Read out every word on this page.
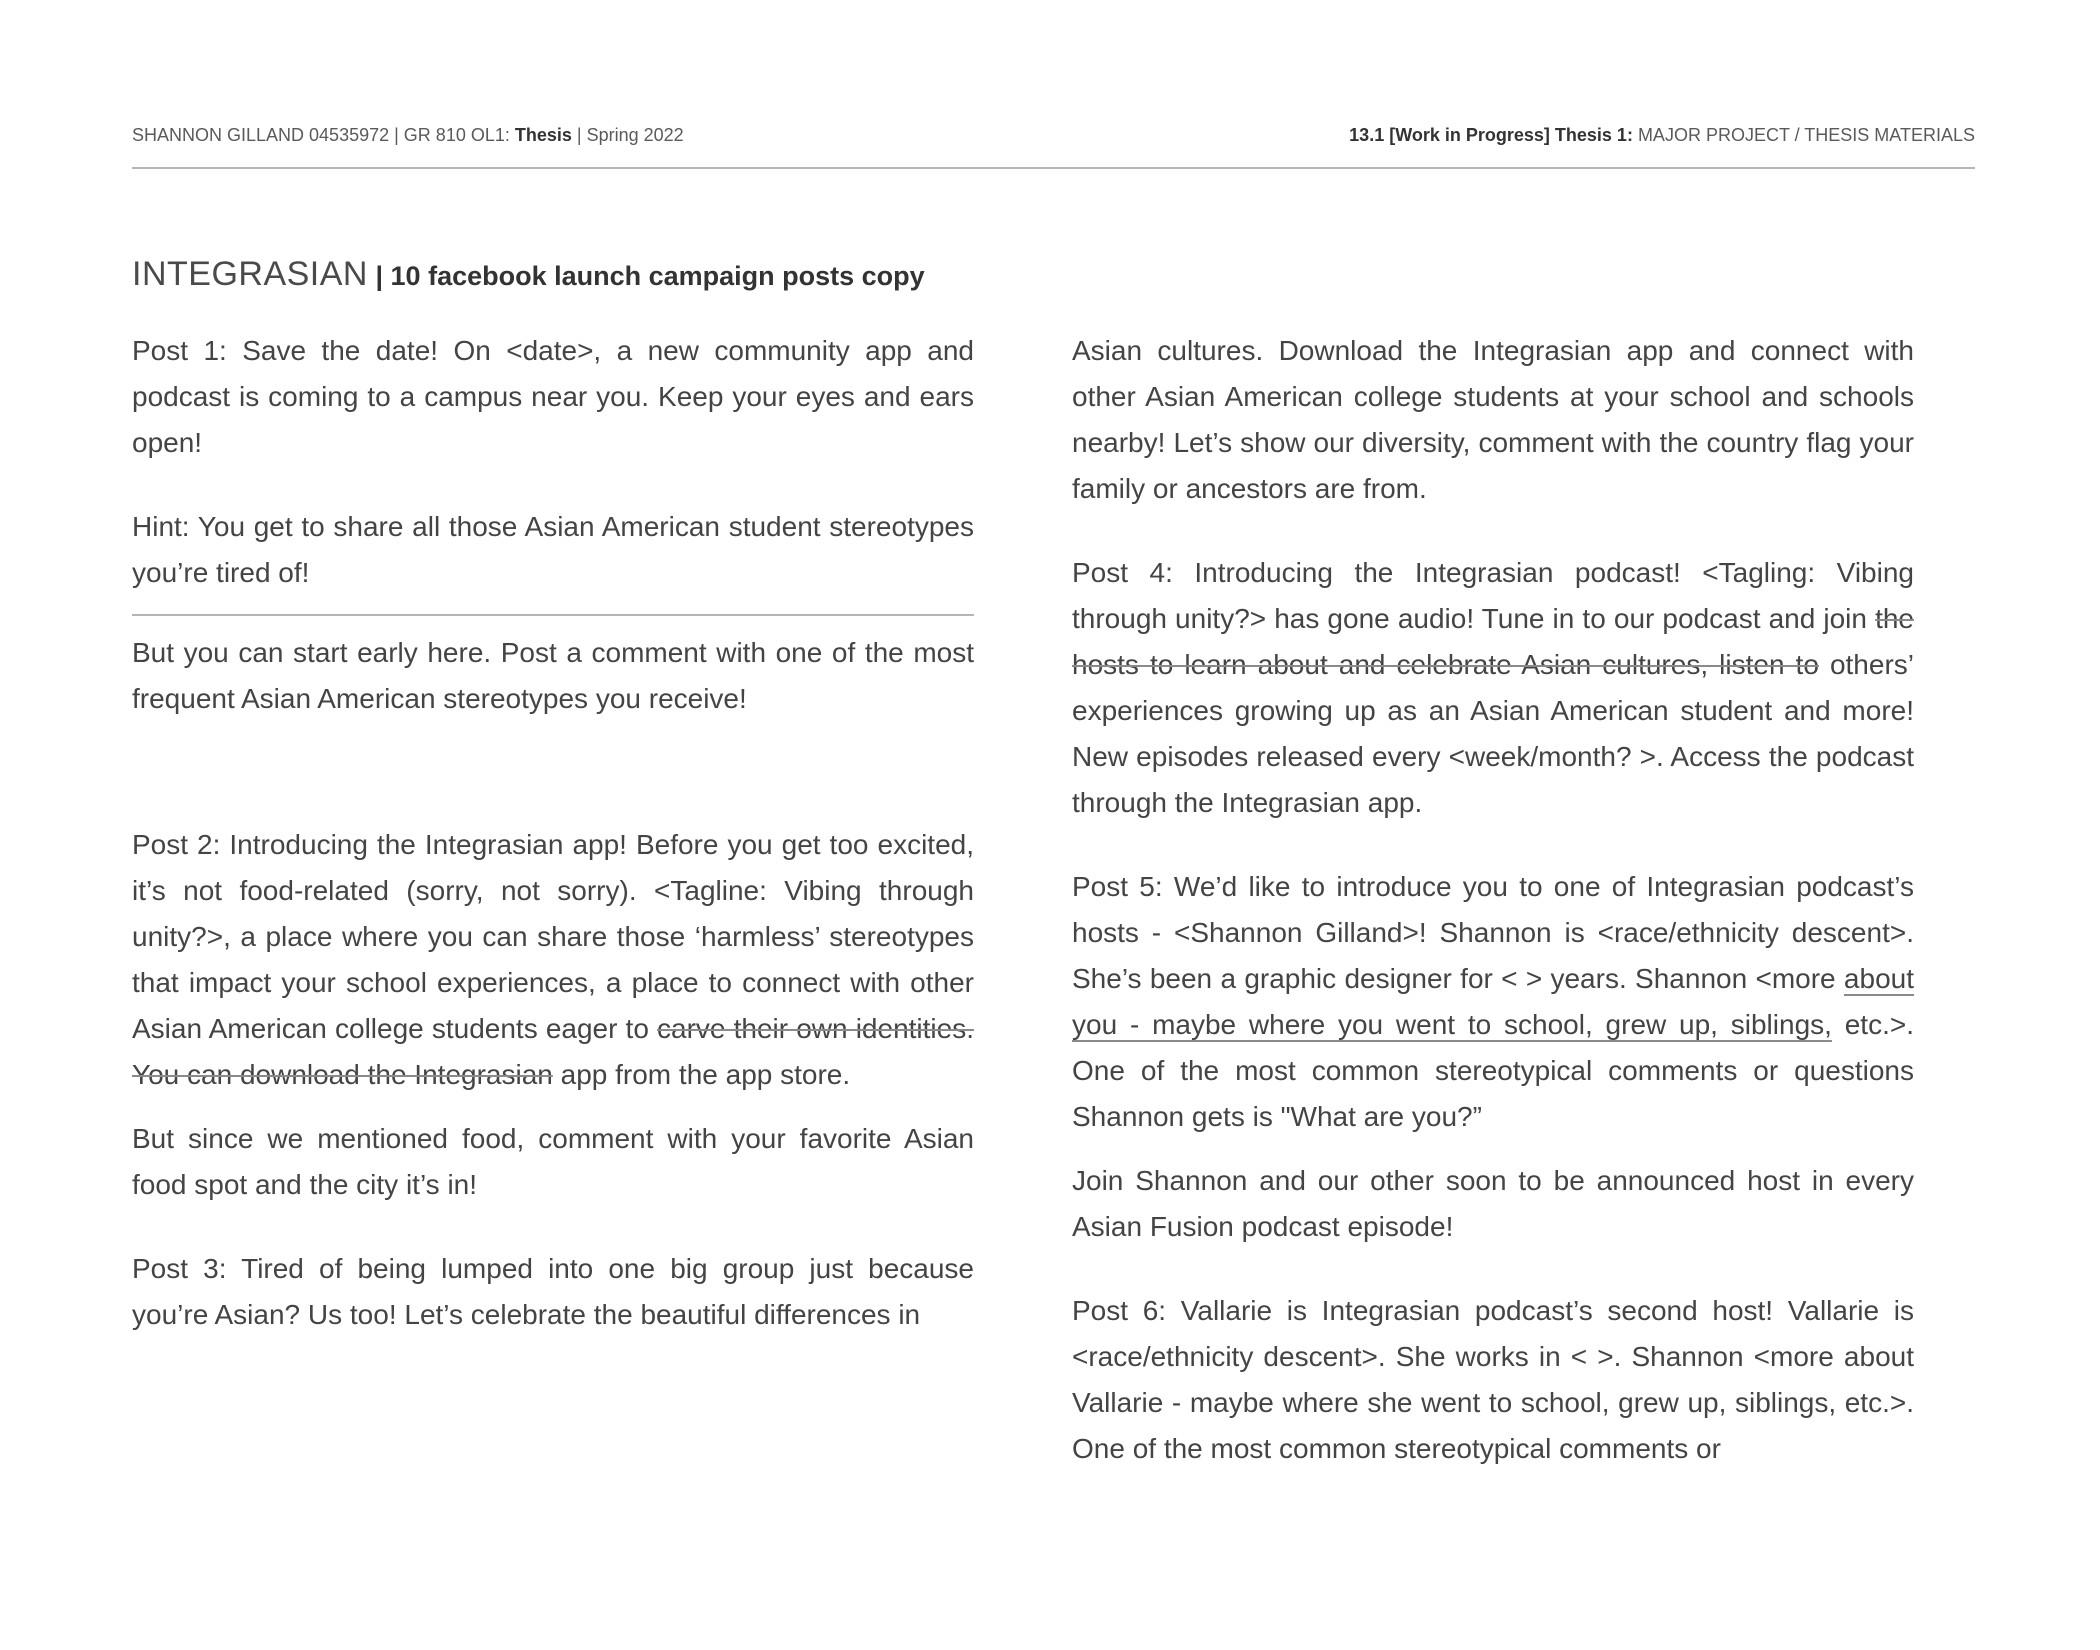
SHANNON GILLAND 04535972 | GR 810 OL1: Thesis | Spring 2022	13.1 [Work in Progress] Thesis 1: MAJOR PROJECT / THESIS MATERIALS
INTEGRASIAN | 10 facebook launch campaign posts copy

Post 1: Save the date! On <date>, a new community app and podcast is coming to a campus near you. Keep your eyes and ears open!

Hint: You get to share all those Asian American student stereotypes you’re tired of!

But you can start early here. Post a comment with one of the most frequent Asian American stereotypes you receive!

Post 2: Introducing the Integrasian app! Before you get too excited, it’s not food-related (sorry, not sorry). <Tagline: Vibing through unity?>, a place where you can share those ‘harmless’ stereotypes that impact your school experiences, a place to connect with other Asian American college students eager to carve their own identities. You can download the Integrasian app from the app store.

But since we mentioned food, comment with your favorite Asian food spot and the city it’s in!

Post 3: Tired of being lumped into one big group just because you’re Asian? Us too! Let’s celebrate the beautiful differences in

Asian cultures. Download the Integrasian app and connect with other Asian American college students at your school and schools nearby! Let’s show our diversity, comment with the country flag your family or ancestors are from.

Post 4: Introducing the Integrasian podcast! <Tagling: Vibing through unity?> has gone audio! Tune in to our podcast and join the hosts to learn about and celebrate Asian cultures, listen to others’ experiences growing up as an Asian American student and more! New episodes released every <week/month? >. Access the podcast through the Integrasian app.

Post 5: We’d like to introduce you to one of Integrasian podcast’s hosts - <Shannon Gilland>! Shannon is <race/ethnicity descent>. She’s been a graphic designer for < > years. Shannon <more about you - maybe where you went to school, grew up, siblings, etc.>. One of the most common stereotypical comments or questions Shannon gets is "What are you?”

Join Shannon and our other soon to be announced host in every Asian Fusion podcast episode!

Post 6: Vallarie is Integrasian podcast’s second host! Vallarie is <race/ethnicity descent>. She works in < >. Shannon <more about Vallarie - maybe where she went to school, grew up, siblings, etc.>. One of the most common stereotypical comments or
